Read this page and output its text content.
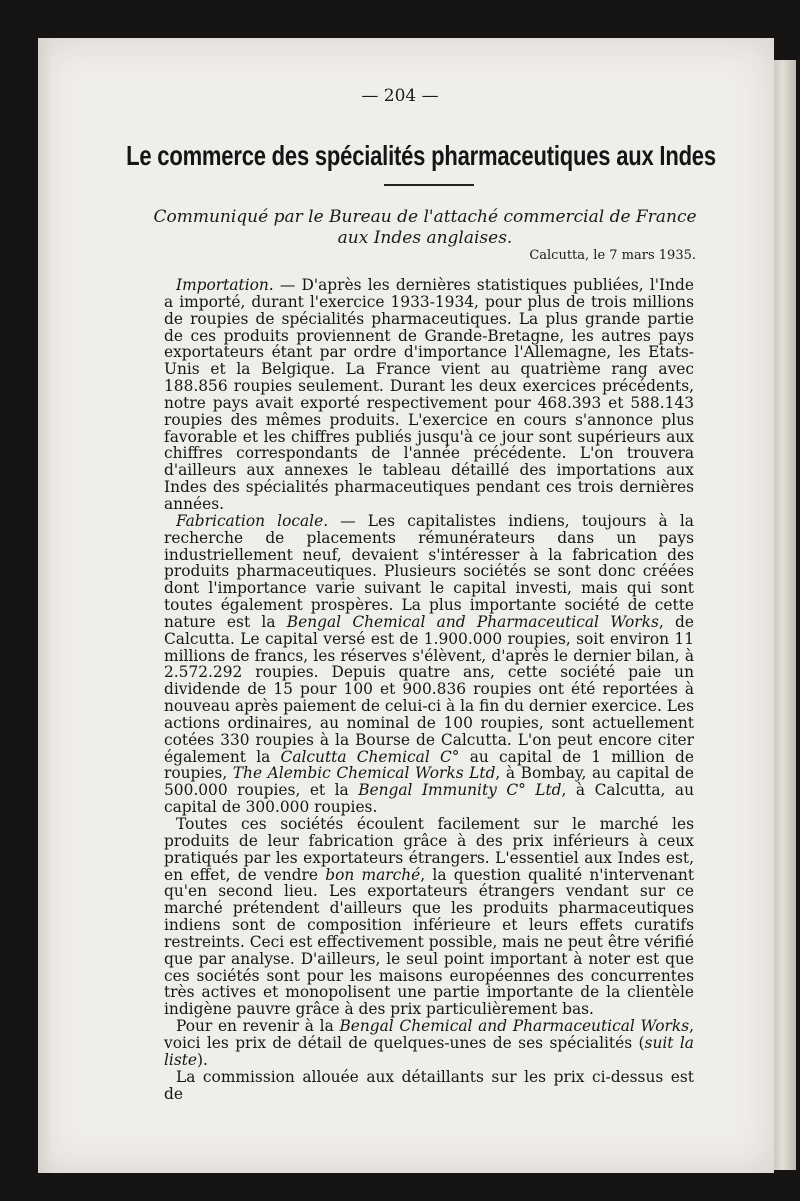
— 204 —
Le commerce des spécialités pharmaceutiques aux Indes
Communiqué par le Bureau de l'attaché commercial de France aux Indes anglaises.
Calcutta, le 7 mars 1935.

Importation. — D'après les dernières statistiques publiées, l'Inde a importé, durant l'exercice 1933-1934, pour plus de trois millions de roupies de spécialités pharmaceutiques. La plus grande partie de ces produits proviennent de Grande-Bretagne, les autres pays exportateurs étant par ordre d'importance l'Allemagne, les Etats-Unis et la Belgique. La France vient au quatrième rang avec 188.856 roupies seulement. Durant les deux exercices précédents, notre pays avait exporté respectivement pour 468.393 et 588.143 roupies des mêmes produits. L'exercice en cours s'annonce plus favorable et les chiffres publiés jusqu'à ce jour sont supérieurs aux chiffres correspondants de l'année précédente. L'on trouvera d'ailleurs aux annexes le tableau détaillé des importations aux Indes des spécialités pharmaceutiques pendant ces trois dernières années.

Fabrication locale. — Les capitalistes indiens, toujours à la recherche de placements rémunérateurs dans un pays industriellement neuf, devaient s'intéresser à la fabrication des produits pharmaceutiques. Plusieurs sociétés se sont donc créées dont l'importance varie suivant le capital investi, mais qui sont toutes également prospères. La plus importante société de cette nature est la Bengal Chemical and Pharmaceutical Works, de Calcutta. Le capital versé est de 1.900.000 roupies, soit environ 11 millions de francs, les réserves s'élèvent, d'après le dernier bilan, à 2.572.292 roupies. Depuis quatre ans, cette société paie un dividende de 15 pour 100 et 900.836 roupies ont été reportées à nouveau après paiement de celui-ci à la fin du dernier exercice. Les actions ordinaires, au nominal de 100 roupies, sont actuellement cotées 330 roupies à la Bourse de Calcutta. L'on peut encore citer également la Calcutta Chemical C° au capital de 1 million de roupies, The Alembic Chemical Works Ltd, à Bombay, au capital de 500.000 roupies, et la Bengal Immunity C° Ltd, à Calcutta, au capital de 300.000 roupies.

Toutes ces sociétés écoulent facilement sur le marché les produits de leur fabrication grâce à des prix inférieurs à ceux pratiqués par les exportateurs étrangers. L'essentiel aux Indes est, en effet, de vendre bon marché, la question qualité n'intervenant qu'en second lieu. Les exportateurs étrangers vendant sur ce marché prétendent d'ailleurs que les produits pharmaceutiques indiens sont de composition inférieure et leurs effets curatifs restreints. Ceci est effectivement possible, mais ne peut être vérifié que par analyse. D'ailleurs, le seul point important à noter est que ces sociétés sont pour les maisons européennes des concurrentes très actives et monopolisent une partie importante de la clientèle indigène pauvre grâce à des prix particulièrement bas.

Pour en revenir à la Bengal Chemical and Pharmaceutical Works, voici les prix de détail de quelques-unes de ses spécialités (suit la liste).

La commission allouée aux détaillants sur les prix ci-dessus est de
